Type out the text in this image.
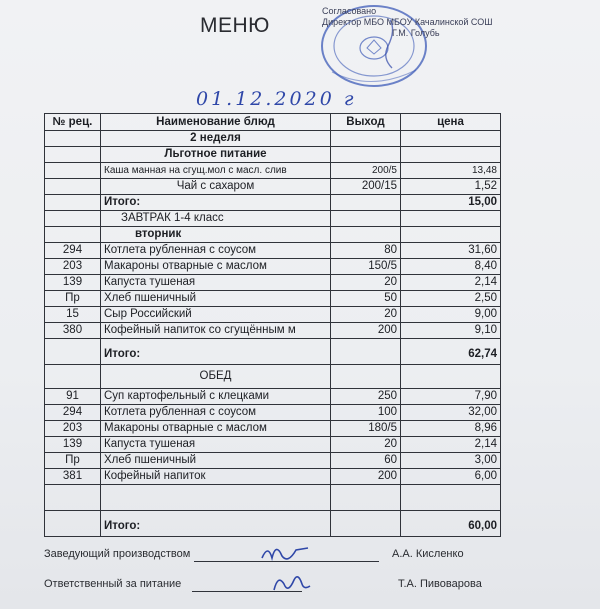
МЕНЮ
Согласовано
Директор МБО МБОУ Качалинской СОШ
Г.М. Голубь
01.12.2020 г
№ рец.	Наименование блюд	Выход	цена
	2 неделя		
	Льготное питание		
	Каша манная на сгущ.мол с масл. слив	200/5	13,48
	Чай с сахаром	200/15	1,52
	Итого:		15,00
	ЗАВТРАК 1-4 класс		
	вторник		
294	Котлета рубленная с соусом	80	31,60
203	Макароны отварные с маслом	150/5	8,40
139	Капуста тушеная	20	2,14
Пр	Хлеб пшеничный	50	2,50
15	Сыр Российский	20	9,00
380	Кофейный напиток со сгущённым м	200	9,10
	Итого:		62,74
	ОБЕД		
91	Суп картофельный с клецками	250	7,90
294	Котлета рубленная с соусом	100	32,00
203	Макароны отварные с маслом	180/5	8,96
139	Капуста тушеная	20	2,14
Пр	Хлеб пшеничный	60	3,00
381	Кофейный напиток	200	6,00

	Итого:		60,00
Заведующий производством	А.А. Кисленко
Ответственный за питание	Т.А. Пивоварова
